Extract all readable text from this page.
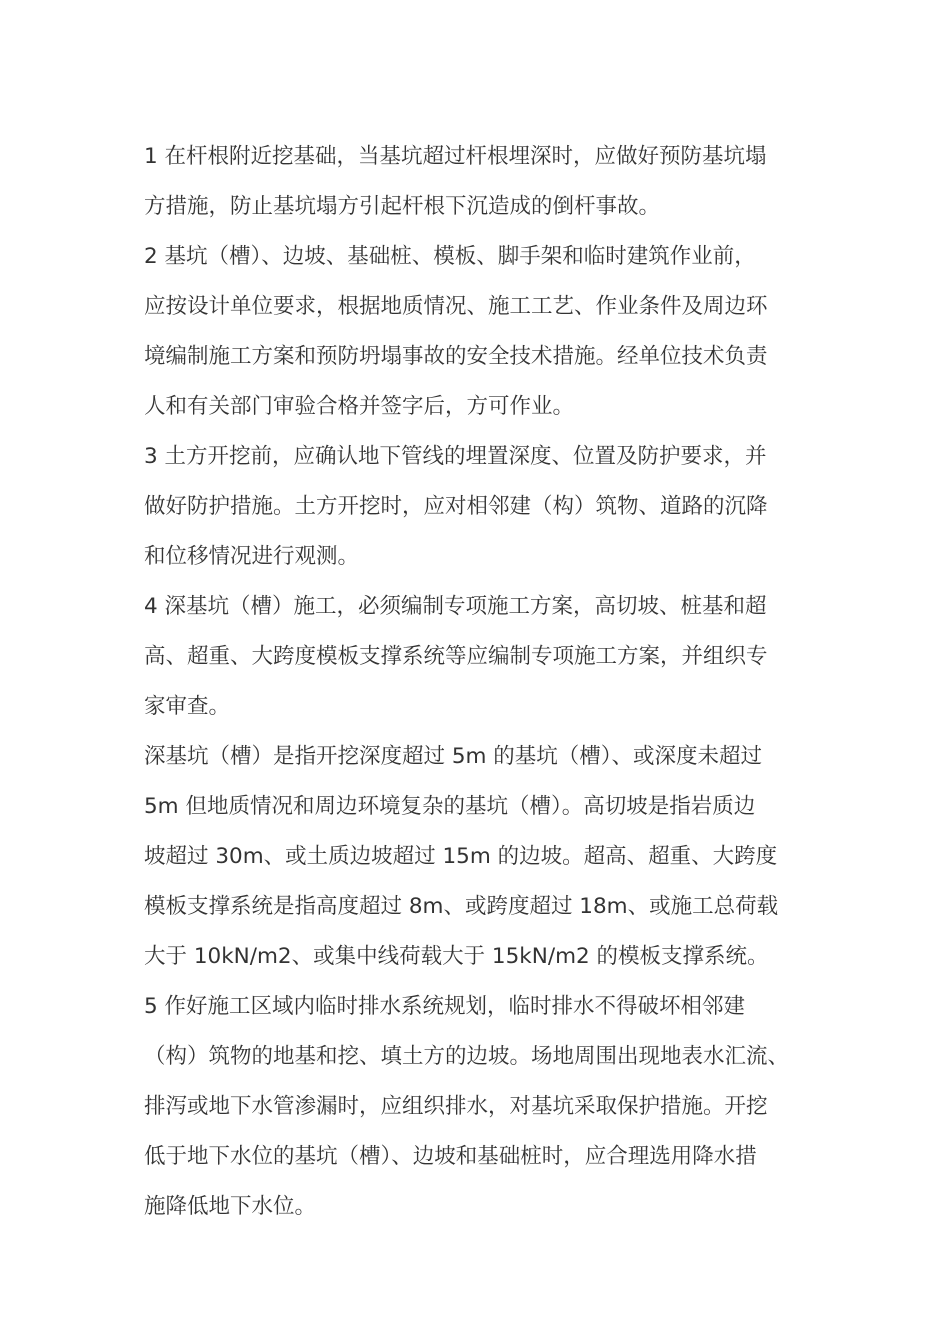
1 在杆根附近挖基础，当基坑超过杆根埋深时，应做好预防基坑塌
方措施，防止基坑塌方引起杆根下沉造成的倒杆事故。
2 基坑（槽）、边坡、基础桩、模板、脚手架和临时建筑作业前，
应按设计单位要求，根据地质情况、施工工艺、作业条件及周边环
境编制施工方案和预防坍塌事故的安全技术措施。经单位技术负责
人和有关部门审验合格并签字后，方可作业。
3 土方开挖前，应确认地下管线的埋置深度、位置及防护要求，并
做好防护措施。土方开挖时，应对相邻建（构）筑物、道路的沉降
和位移情况进行观测。
4 深基坑（槽）施工，必须编制专项施工方案，高切坡、桩基和超
高、超重、大跨度模板支撑系统等应编制专项施工方案，并组织专
家审查。
深基坑（槽）是指开挖深度超过 5m 的基坑（槽）、或深度未超过
5m 但地质情况和周边环境复杂的基坑（槽）。高切坡是指岩质边
坡超过 30m、或土质边坡超过 15m 的边坡。超高、超重、大跨度
模板支撑系统是指高度超过 8m、或跨度超过 18m、或施工总荷载
大于 10kN/m2、或集中线荷载大于 15kN/m2 的模板支撑系统。
5 作好施工区域内临时排水系统规划，临时排水不得破坏相邻建
（构）筑物的地基和挖、填土方的边坡。场地周围出现地表水汇流、
排泻或地下水管渗漏时，应组织排水，对基坑采取保护措施。开挖
低于地下水位的基坑（槽）、边坡和基础桩时，应合理选用降水措
施降低地下水位。
